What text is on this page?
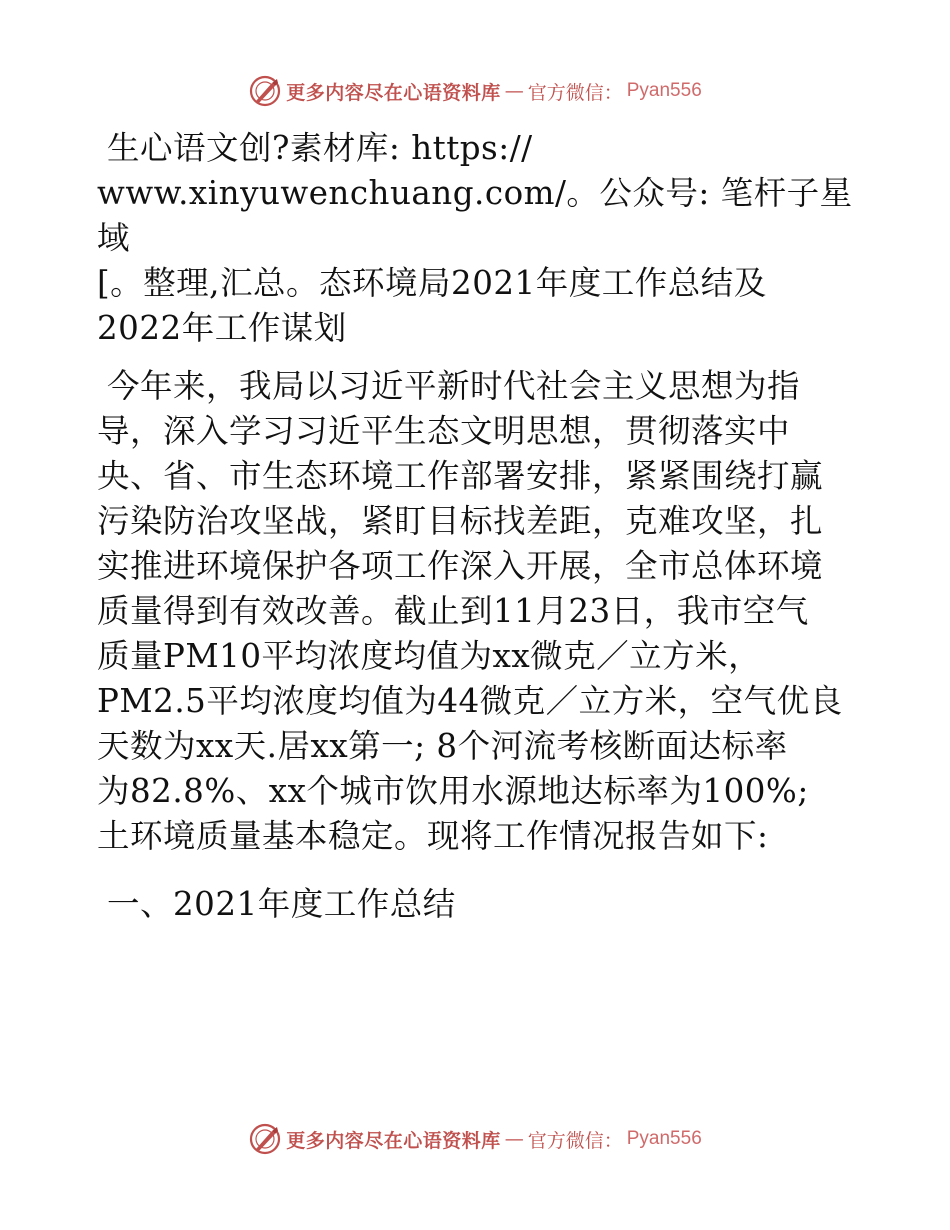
更多内容尽在心语资料库 — 官方微信： Pyan556

生心语文创?素材库: https://
www.xinyuwenchuang.com/。公众号: 笔杆子星域
[。整理,汇总。态环境局2021年度工作总结及
2022年工作谋划

今年来，我局以习近平新时代社会主义思想为指
导，深入学习习近平生态文明思想，贯彻落实中
央、省、市生态环境工作部署安排，紧紧围绕打赢
污染防治攻坚战，紧盯目标找差距，克难攻坚，扎
实推进环境保护各项工作深入开展，全市总体环境
质量得到有效改善。截止到11月23日，我市空气
质量PM10平均浓度均值为xx微克／立方米，
PM2.5平均浓度均值为44微克／立方米，空气优良
天数为xx天.居xx第一; 8个河流考核断面达标率
为82.8%、xx个城市饮用水源地达标率为100%;
土环境质量基本稳定。现将工作情况报告如下:

一、2021年度工作总结

更多内容尽在心语资料库 — 官方微信： Pyan556
